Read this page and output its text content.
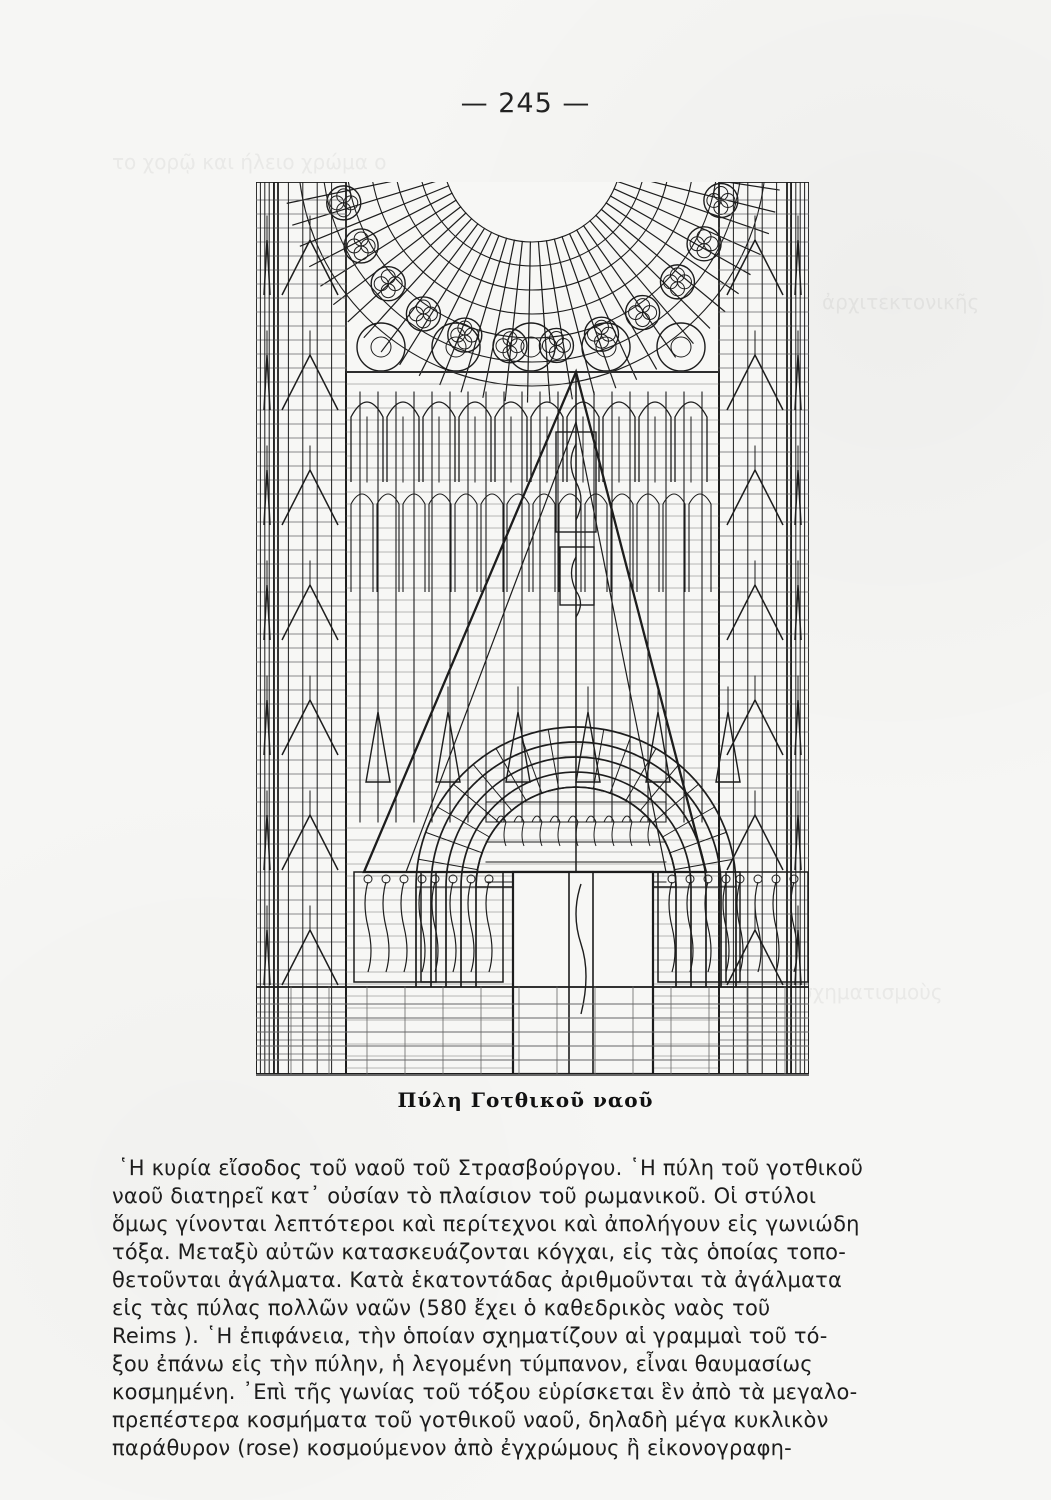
το χορῷ και ήλειο χρώμα ο
ἀρχιτεκτονικῆς
σχηματισμοὺς
— 245 —
Πύλη Γοτθικοῦ ναοῦ
῾Η κυρία εἴσοδος τοῦ ναοῦ τοῦ Στρασβούργου. ῾Η πύλη τοῦ γοτθικοῦ
ναοῦ διατηρεῖ κατ᾿ οὐσίαν τὸ πλαίσιον τοῦ ρωμανικοῦ. Οἱ στύλοι
ὅμως γίνονται λεπτότεροι καὶ περίτεχνοι καὶ ἀπολήγουν εἰς γωνιώδη
τόξα. Μεταξὺ αὐτῶν κατασκευάζονται κόγχαι, εἰς τὰς ὁποίας τοπο-
θετοῦνται ἀγάλματα. Κατὰ ἑκατοντάδας ἀριθμοῦνται τὰ ἀγάλματα
εἰς τὰς πύλας πολλῶν ναῶν (580 ἔχει ὁ καθεδρικὸς ναὸς τοῦ
Reims ). ῾Η ἐπιφάνεια, τὴν ὁποίαν σχηματίζουν αἱ γραμμαὶ τοῦ τό-
ξου ἐπάνω εἰς τὴν πύλην, ἡ λεγομένη τύμπανον, εἶναι θαυμασίως
κοσμημένη. ᾿Επὶ τῆς γωνίας τοῦ τόξου εὑρίσκεται ἓν ἀπὸ τὰ μεγαλο-
πρεπέστερα κοσμήματα τοῦ γοτθικοῦ ναοῦ, δηλαδὴ μέγα κυκλικὸν
παράθυρον (rose) κοσμούμενον ἀπὸ ἐγχρώμους ἢ εἰκονογραφη-
